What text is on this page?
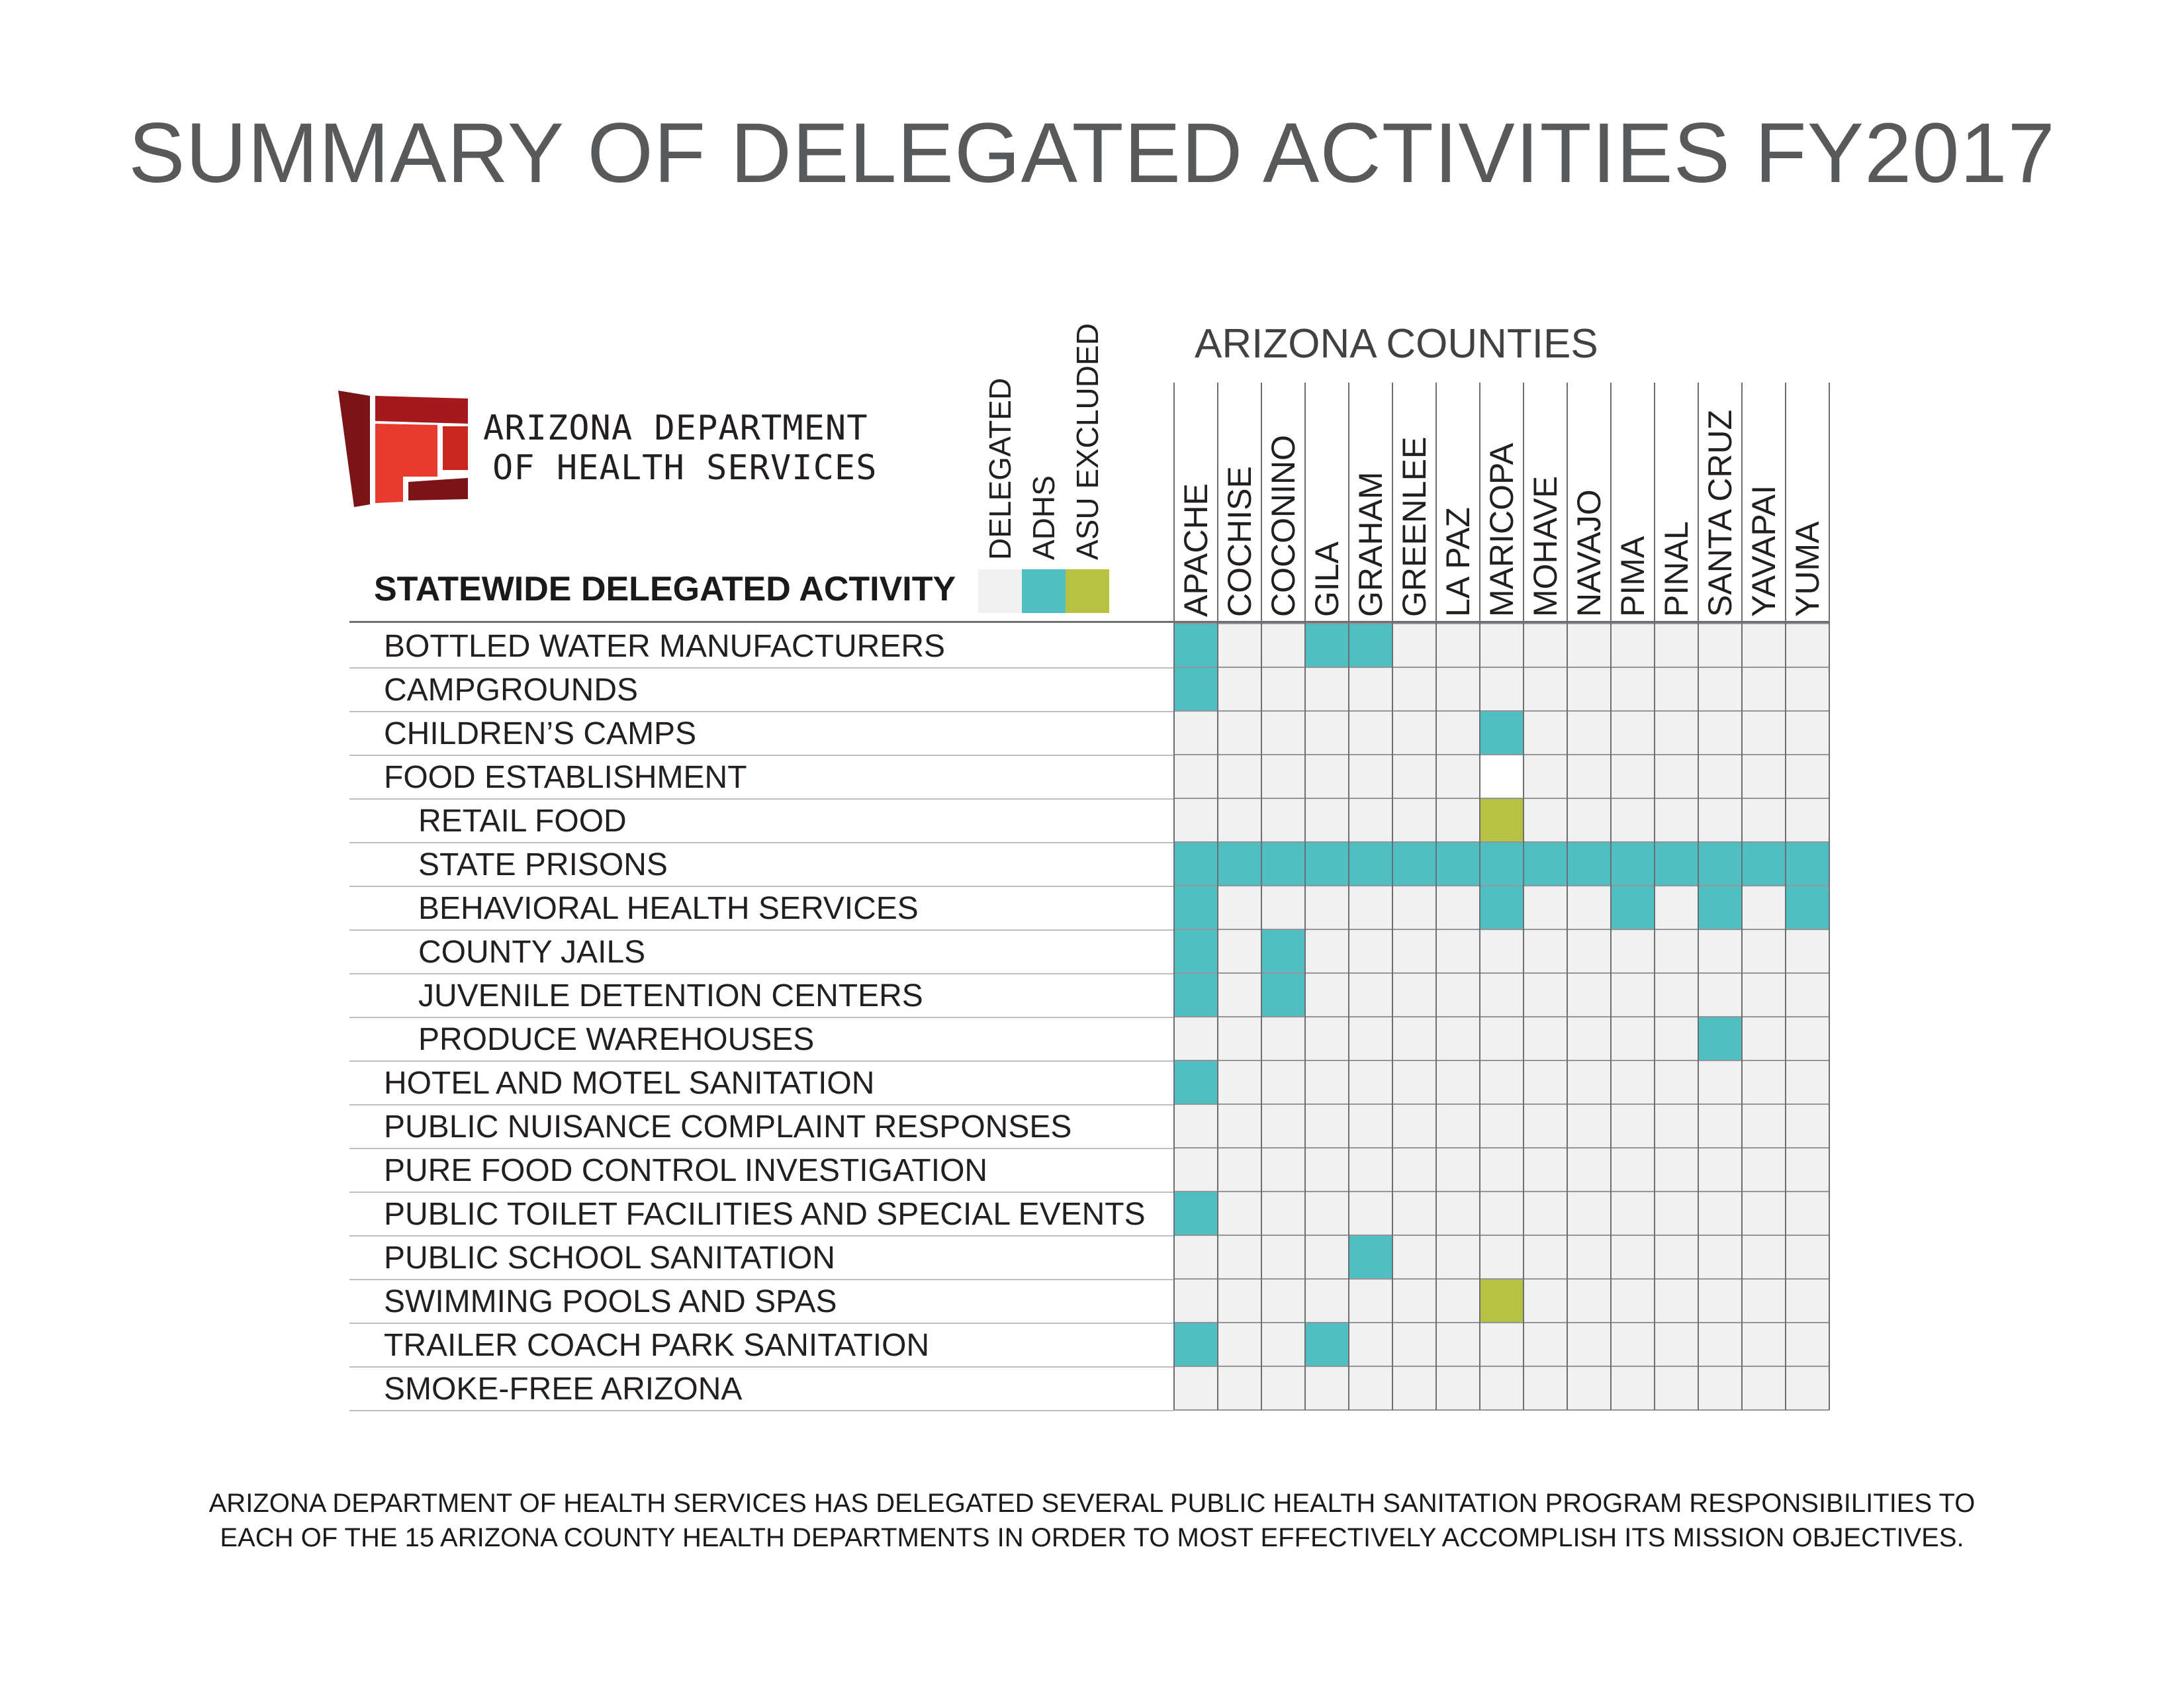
SUMMARY OF DELEGATED ACTIVITIES FY2017
ARIZONA DEPARTMENT
OF HEALTH SERVICES
ARIZONA COUNTIES
STATEWIDE DELEGATED ACTIVITY
DELEGATED ADHS ASU EXCLUDED APACHE COCHISE COCONINO GILA GRAHAM GREENLEE LA PAZ MARICOPA MOHAVE NAVAJO PIMA PINAL SANTA CRUZ YAVAPAI YUMA
BOTTLED WATER MANUFACTURERS
CAMPGROUNDS
CHILDREN’S CAMPS
FOOD ESTABLISHMENT
RETAIL FOOD
STATE PRISONS
BEHAVIORAL HEALTH SERVICES
COUNTY JAILS
JUVENILE DETENTION CENTERS
PRODUCE WAREHOUSES
HOTEL AND MOTEL SANITATION
PUBLIC NUISANCE COMPLAINT RESPONSES
PURE FOOD CONTROL INVESTIGATION
PUBLIC TOILET FACILITIES AND SPECIAL EVENTS
PUBLIC SCHOOL SANITATION
SWIMMING POOLS AND SPAS
TRAILER COACH PARK SANITATION
SMOKE-FREE ARIZONA
ARIZONA DEPARTMENT OF HEALTH SERVICES HAS DELEGATED SEVERAL PUBLIC HEALTH SANITATION PROGRAM RESPONSIBILITIES TO
EACH OF THE 15 ARIZONA COUNTY HEALTH DEPARTMENTS IN ORDER TO MOST EFFECTIVELY ACCOMPLISH ITS MISSION OBJECTIVES.
